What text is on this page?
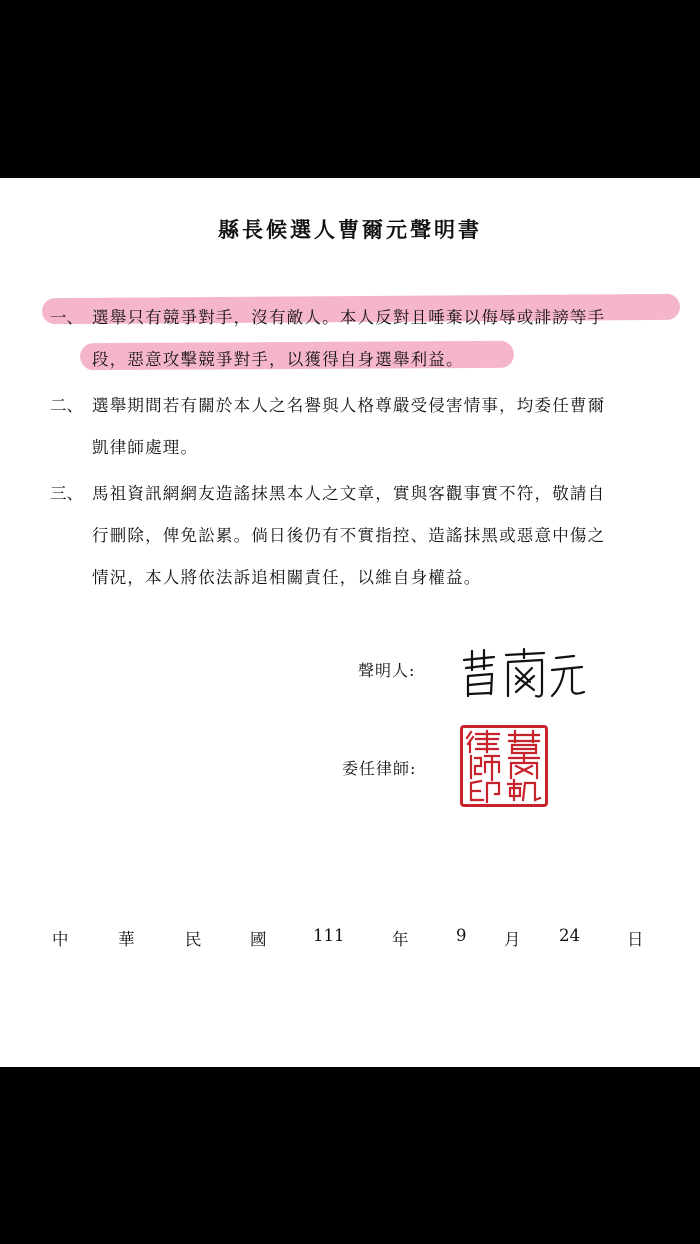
縣長候選人曹爾元聲明書
一、 選舉只有競爭對手，沒有敵人。本人反對且唾棄以侮辱或誹謗等手
段，惡意攻擊競爭對手，以獲得自身選舉利益。
二、 選舉期間若有關於本人之名譽與人格尊嚴受侵害情事，均委任曹爾
凱律師處理。
三、 馬祖資訊網網友造謠抹黑本人之文章，實與客觀事實不符，敬請自
行刪除，俾免訟累。倘日後仍有不實指控、造謠抹黑或惡意中傷之
情況，本人將依法訴追相關責任，以維自身權益。
聲明人:
委任律師:
中	華	民	國	111	年	9 月 24	日
